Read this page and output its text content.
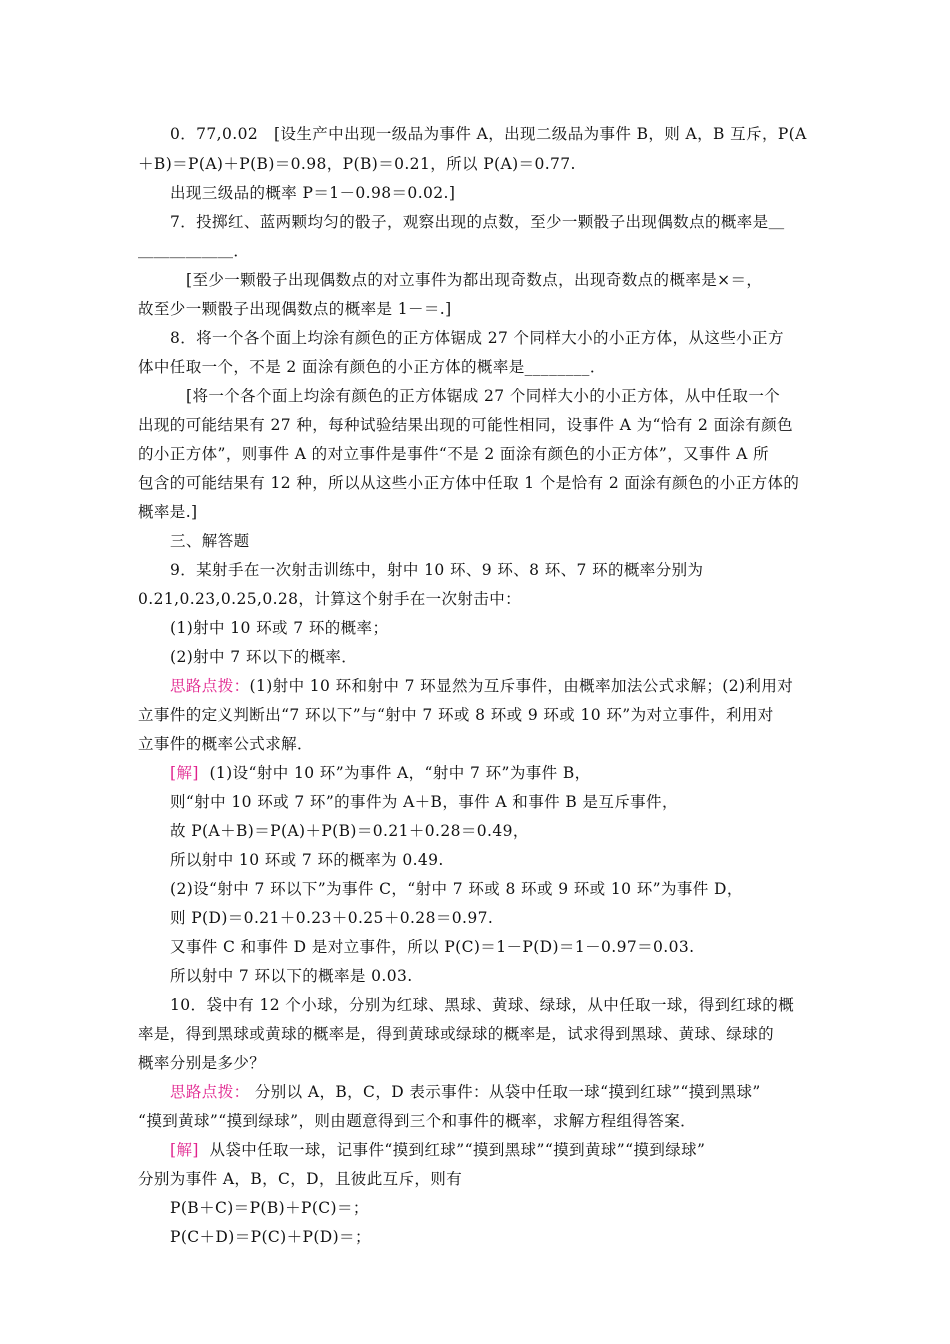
0．77,0.02　[设生产中出现一级品为事件 A，出现二级品为事件 B，则 A，B 互斥，P(A
＋B)＝P(A)＋P(B)＝0.98，P(B)＝0.21，所以 P(A)＝0.77.
出现三级品的概率 P＝1－0.98＝0.02.]
7．投掷红、蓝两颗均匀的骰子，观察出现的点数，至少一颗骰子出现偶数点的概率是＿
＿＿＿＿＿＿．
[至少一颗骰子出现偶数点的对立事件为都出现奇数点，出现奇数点的概率是×＝，
故至少一颗骰子出现偶数点的概率是 1－＝.]
8．将一个各个面上均涂有颜色的正方体锯成 27 个同样大小的小正方体，从这些小正方
体中任取一个，不是 2 面涂有颜色的小正方体的概率是________．
[将一个各个面上均涂有颜色的正方体锯成 27 个同样大小的小正方体，从中任取一个
出现的可能结果有 27 种，每种试验结果出现的可能性相同，设事件 A 为“恰有 2 面涂有颜色
的小正方体”，则事件 A 的对立事件是事件“不是 2 面涂有颜色的小正方体”，又事件 A 所
包含的可能结果有 12 种，所以从这些小正方体中任取 1 个是恰有 2 面涂有颜色的小正方体的
概率是.]
三、解答题
9．某射手在一次射击训练中，射中 10 环、9 环、8 环、7 环的概率分别为
0.21,0.23,0.25,0.28，计算这个射手在一次射击中：
(1)射中 10 环或 7 环的概率；
(2)射中 7 环以下的概率．
思路点拨：(1)射中 10 环和射中 7 环显然为互斥事件，由概率加法公式求解；(2)利用对
立事件的定义判断出“7 环以下”与“射中 7 环或 8 环或 9 环或 10 环”为对立事件，利用对
立事件的概率公式求解．
[解] (1)设“射中 10 环”为事件 A，“射中 7 环”为事件 B，
则“射中 10 环或 7 环”的事件为 A＋B，事件 A 和事件 B 是互斥事件，
故 P(A＋B)＝P(A)＋P(B)＝0.21＋0.28＝0.49，
所以射中 10 环或 7 环的概率为 0.49.
(2)设“射中 7 环以下”为事件 C，“射中 7 环或 8 环或 9 环或 10 环”为事件 D，
则 P(D)＝0.21＋0.23＋0.25＋0.28＝0.97.
又事件 C 和事件 D 是对立事件，所以 P(C)＝1－P(D)＝1－0.97＝0.03.
所以射中 7 环以下的概率是 0.03.
10．袋中有 12 个小球，分别为红球、黑球、黄球、绿球，从中任取一球，得到红球的概
率是，得到黑球或黄球的概率是，得到黄球或绿球的概率是，试求得到黑球、黄球、绿球的
概率分别是多少？
思路点拨： 分别以 A，B，C，D 表示事件：从袋中任取一球“摸到红球”“摸到黑球”
“摸到黄球”“摸到绿球”，则由题意得到三个和事件的概率，求解方程组得答案．
[解] 从袋中任取一球，记事件“摸到红球”“摸到黑球”“摸到黄球”“摸到绿球”
分别为事件 A，B，C，D，且彼此互斥，则有
P(B＋C)＝P(B)＋P(C)＝；
P(C＋D)＝P(C)＋P(D)＝；
